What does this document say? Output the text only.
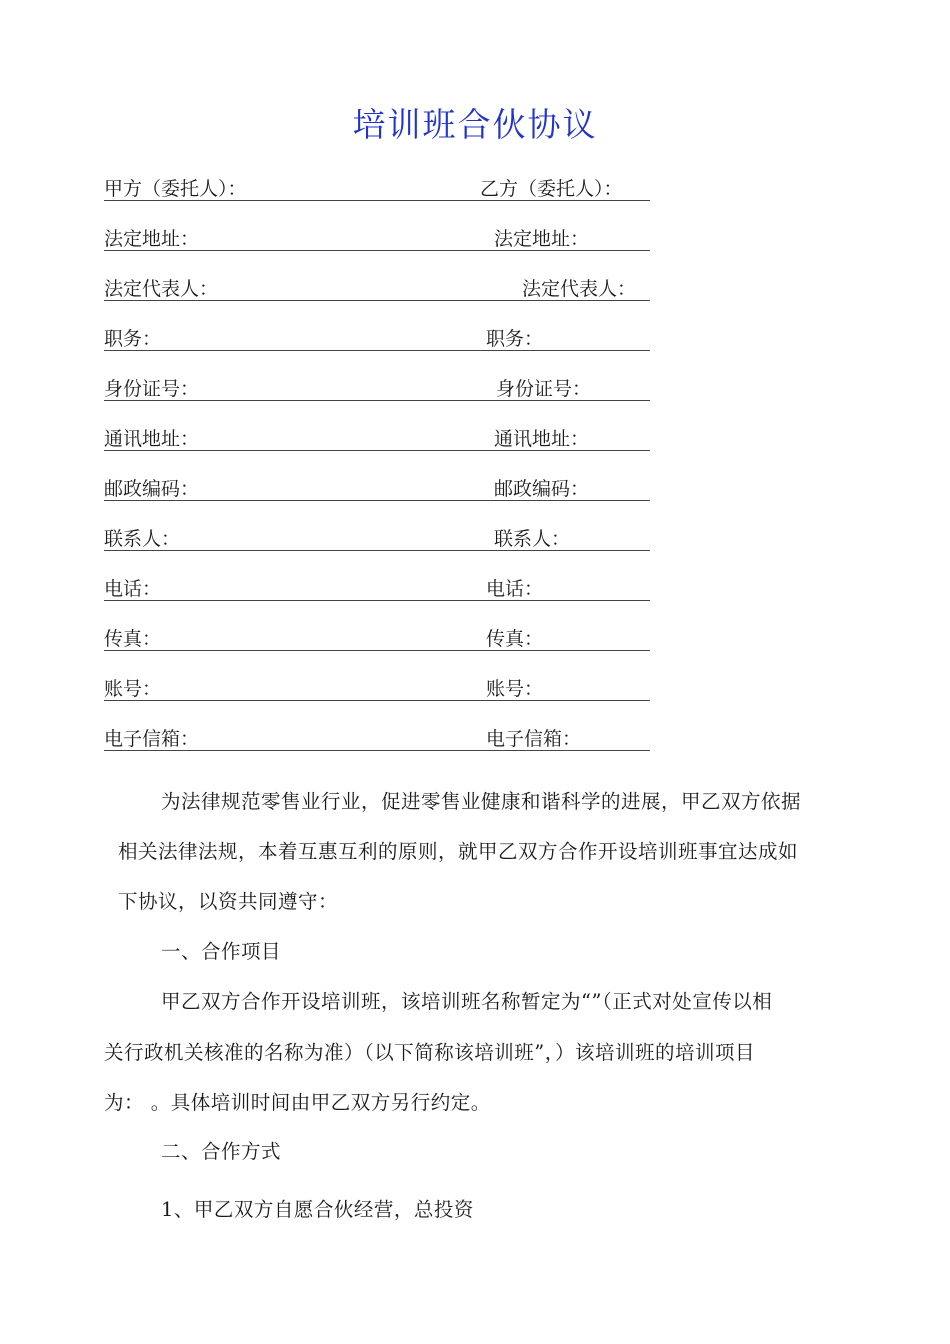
培训班合伙协议
甲方（委托人）：	乙方（委托人）：
法定地址：	法定地址：
法定代表人：	法定代表人：
职务：	职务：
身份证号：	身份证号：
通讯地址：	通讯地址：
邮政编码：	邮政编码：
联系人：	联系人：
电话：	电话：
传真：	传真：
账号：	账号：
电子信箱：	电子信箱：
为法律规范零售业行业，促进零售业健康和谐科学的进展，甲乙双方依据
相关法律法规，本着互惠互利的原则，就甲乙双方合作开设培训班事宜达成如
下协议，以资共同遵守：
一、合作项目
甲乙双方合作开设培训班，该培训班名称暂定为“”（正式对处宣传以相
关行政机关核准的名称为准）（以下简称该培训班”，）该培训班的培训项目
为： 。具体培训时间由甲乙双方另行约定。
二、合作方式
1、甲乙双方自愿合伙经营，总投资
